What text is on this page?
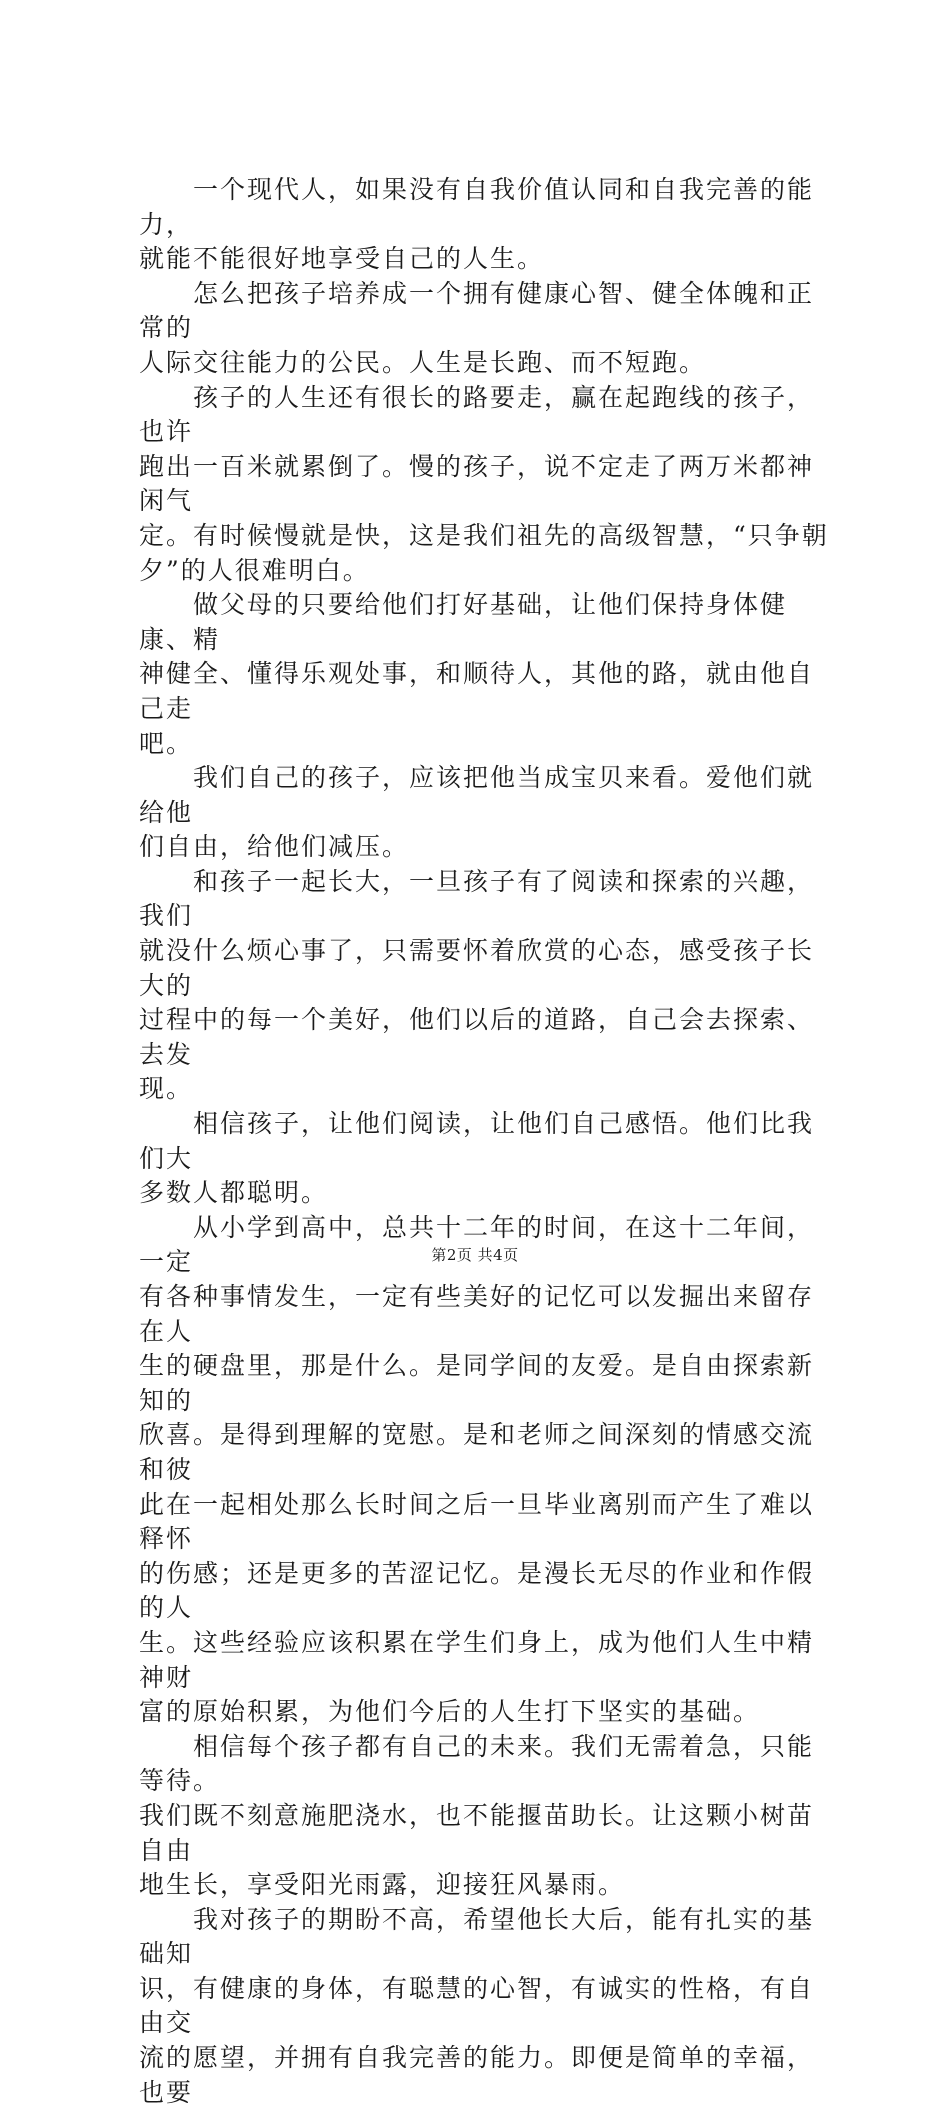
一个现代人，如果没有自我价值认同和自我完善的能力，
就能不能很好地享受自己的人生。

怎么把孩子培养成一个拥有健康心智、健全体魄和正常的
人际交往能力的公民。人生是长跑、而不短跑。

孩子的人生还有很长的路要走，赢在起跑线的孩子，也许
跑出一百米就累倒了。慢的孩子，说不定走了两万米都神闲气
定。有时候慢就是快，这是我们祖先的高级智慧，“只争朝
夕”的人很难明白。

做父母的只要给他们打好基础，让他们保持身体健康、精
神健全、懂得乐观处事，和顺待人，其他的路，就由他自己走
吧。

我们自己的孩子，应该把他当成宝贝来看。爱他们就给他
们自由，给他们减压。

和孩子一起长大，一旦孩子有了阅读和探索的兴趣，我们
就没什么烦心事了，只需要怀着欣赏的心态，感受孩子长大的
过程中的每一个美好，他们以后的道路，自己会去探索、去发
现。

相信孩子，让他们阅读，让他们自己感悟。他们比我们大
多数人都聪明。

从小学到高中，总共十二年的时间，在这十二年间，一定
有各种事情发生，一定有些美好的记忆可以发掘出来留存在人
生的硬盘里，那是什么。是同学间的友爱。是自由探索新知的
欣喜。是得到理解的宽慰。是和老师之间深刻的情感交流和彼
此在一起相处那么长时间之后一旦毕业离别而产生了难以释怀
的伤感；还是更多的苦涩记忆。是漫长无尽的作业和作假的人
生。这些经验应该积累在学生们身上，成为他们人生中精神财
富的原始积累，为他们今后的人生打下坚实的基础。

相信每个孩子都有自己的未来。我们无需着急，只能等待。
我们既不刻意施肥浇水，也不能揠苗助长。让这颗小树苗自由
地生长，享受阳光雨露，迎接狂风暴雨。

我对孩子的期盼不高，希望他长大后，能有扎实的基础知
识，有健康的身体，有聪慧的心智，有诚实的性格，有自由交
流的愿望，并拥有自我完善的能力。即便是简单的幸福，也要

第2页 共4页
